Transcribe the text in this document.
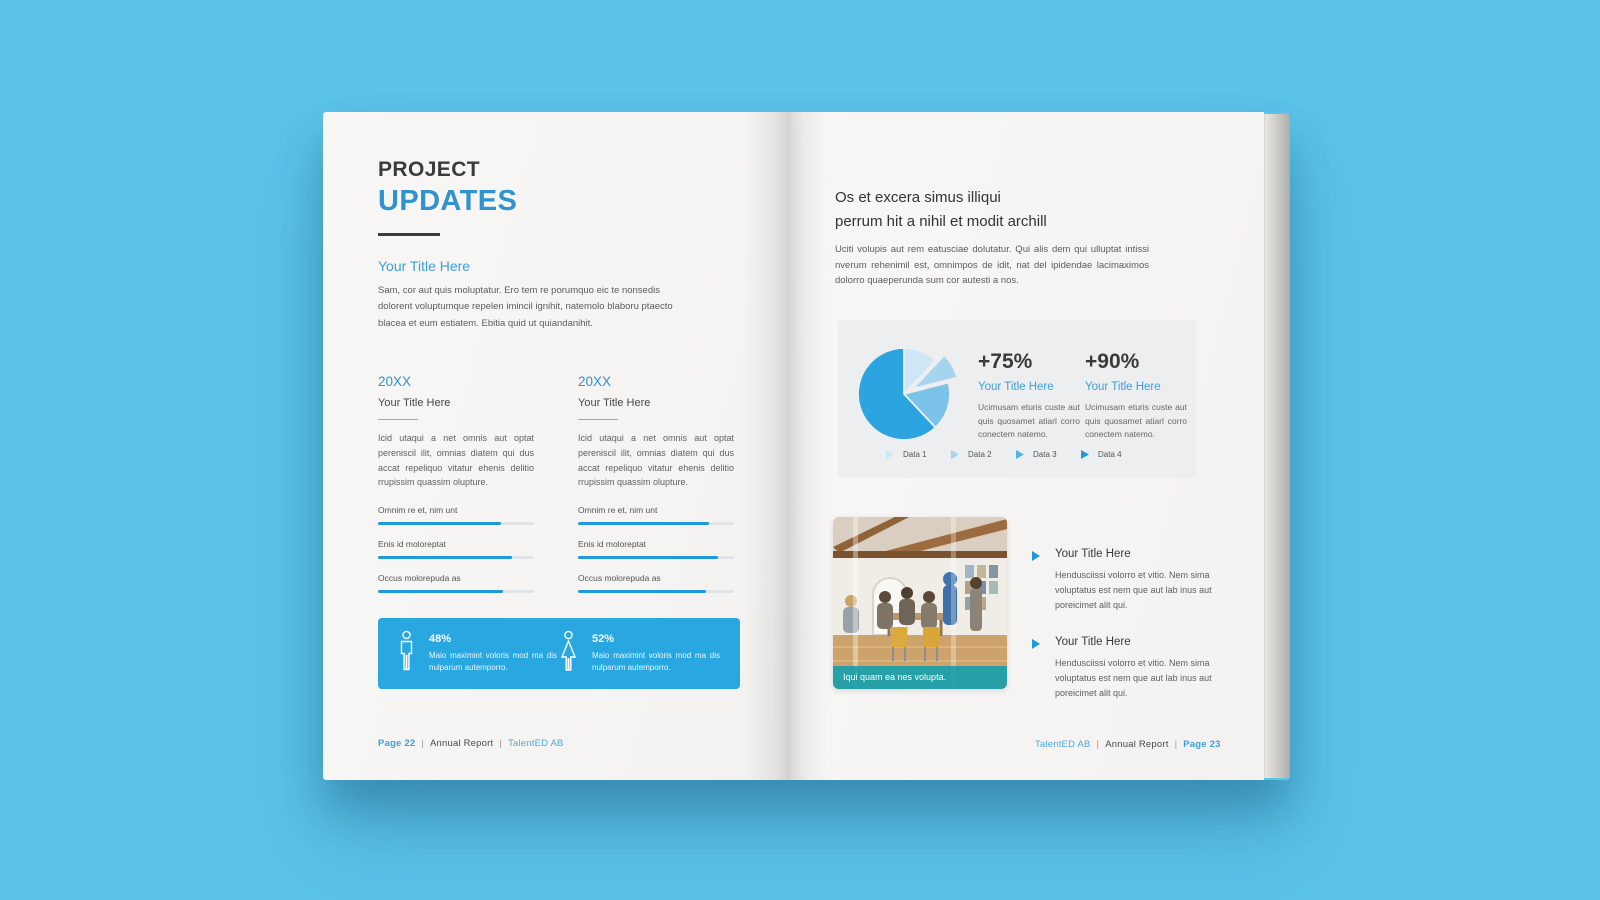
PROJECT
UPDATES
Your Title Here
Sam, cor aut quis moluptatur. Ero tem re porumquo eic te nonsedis dolorent voluptumque repelen imincil ignihit, natemolo blaboru ptaecto blacea et eum estiatem. Ebitia quid ut quiandanihit.
20XX
Your Title Here
Icid utaqui a net omnis aut optat pereniscil ilit, omnias diatem qui dus accat repeliquo vitatur ehenis delitio rrupissim quassim olupture.
Omnim re et, nim unt
Enis id moloreptat
Occus molorepuda as
20XX
Your Title Here
Icid utaqui a net omnis aut optat pereniscil ilit, omnias diatem qui dus accat repeliquo vitatur ehenis delitio rrupissim quassim olupture.
Omnim re et, nim unt
Enis id moloreptat
Occus molorepuda as
48%
Maio maximint voloris mod ma dis nulparum autemporro.
52%
Maio maximint voloris mod ma dis nulparum autemporro.
Page 22 | Annual Report | TalentED AB
Os et excera simus illiqui
perrum hit a nihil et modit archill
Uciti volupis aut rem eatusciae dolutatur. Qui alis dem qui ulluptat intissi nverum rehenimil est, omnimpos de idit, nat del ipidendae lacimaximos dolorro quaeperunda sum cor autesti a nos.
+75%
Your Title Here
Ucimusam eturis custe aut quis quosamet atiarl corro conectem natemo.
+90%
Your Title Here
Ucimusam eturis custe aut quis quosamet atiarl corro conectem natemo.
Data 1	Data 2	Data 3	Data 4
Iqui quam ea nes volupta.
Your Title Here
Hendusciissi volorro et vitio. Nem sima voluptatus est nem que aut lab inus aut poreicimet alit qui.
Your Title Here
Hendusciissi volorro et vitio. Nem sima voluptatus est nem que aut lab inus aut poreicimet alit qui.
TalentED AB | Annual Report | Page 23
